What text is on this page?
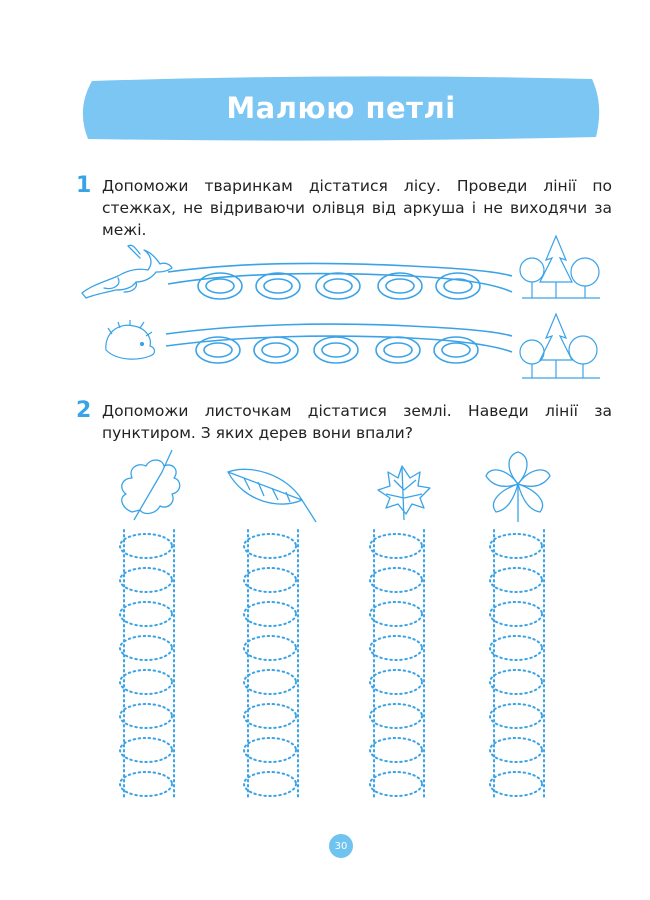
Малюю петлі
1 Допоможи тваринкам дістатися лісу. Проведи лінії по стежках, не відриваючи олівця від аркуша і не виходячи за межі.
2 Допоможи листочкам дістатися землі. Наведи лінії за пунктиром. З яких дерев вони впали?
30
